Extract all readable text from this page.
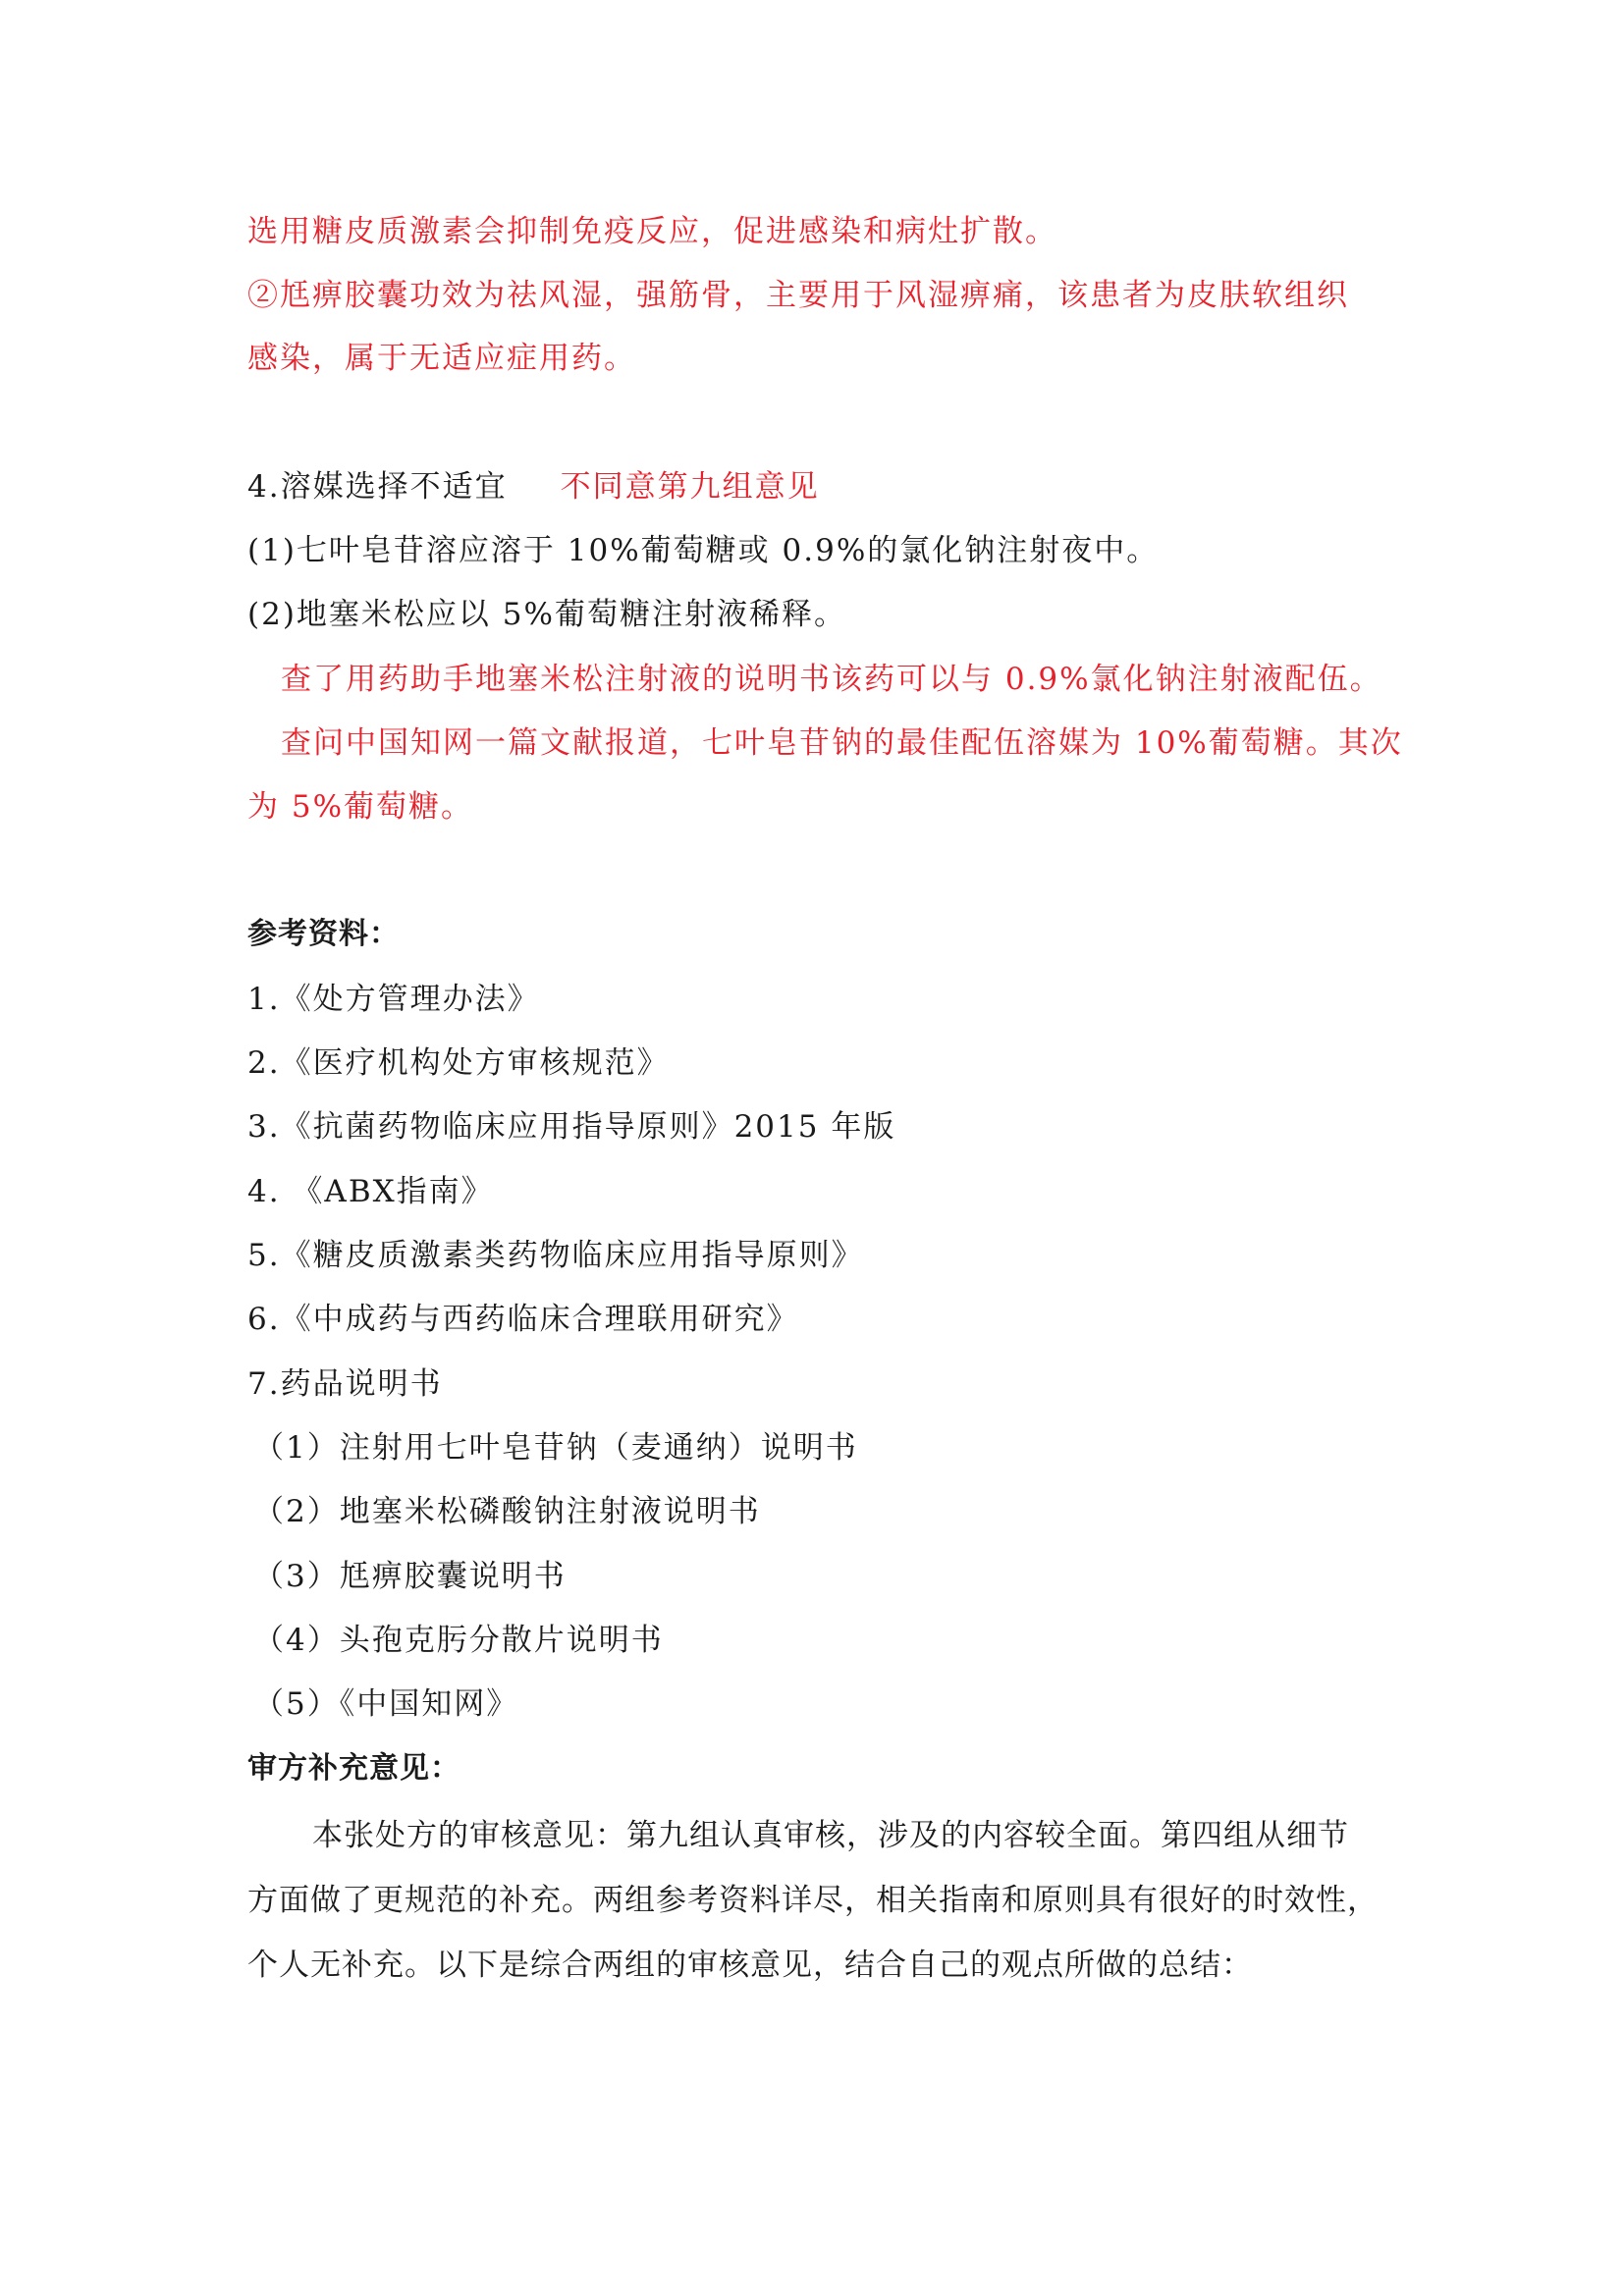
选用糖皮质激素会抑制免疫反应，促进感染和病灶扩散。
②尪痹胶囊功效为祛风湿，强筋骨，主要用于风湿痹痛，该患者为皮肤软组织
感染，属于无适应症用药。
4.溶媒选择不适宜 不同意第九组意见
(1)七叶皂苷溶应溶于 10%葡萄糖或 0.9%的氯化钠注射夜中。
(2)地塞米松应以 5%葡萄糖注射液稀释。
查了用药助手地塞米松注射液的说明书该药可以与 0.9%氯化钠注射液配伍。
查问中国知网一篇文献报道，七叶皂苷钠的最佳配伍溶媒为 10%葡萄糖。其次
为 5%葡萄糖。
参考资料：
1.《处方管理办法》
2.《医疗机构处方审核规范》
3.《抗菌药物临床应用指导原则》2015 年版
4. 《ABX指南》
5.《糖皮质激素类药物临床应用指导原则》
6.《中成药与西药临床合理联用研究》
7.药品说明书
（1）注射用七叶皂苷钠（麦通纳）说明书
（2）地塞米松磷酸钠注射液说明书
（3）尪痹胶囊说明书
（4）头孢克肟分散片说明书
（5）《中国知网》
审方补充意见：
本张处方的审核意见：第九组认真审核，涉及的内容较全面。第四组从细节
方面做了更规范的补充。两组参考资料详尽，相关指南和原则具有很好的时效性，
个人无补充。以下是综合两组的审核意见，结合自己的观点所做的总结：
